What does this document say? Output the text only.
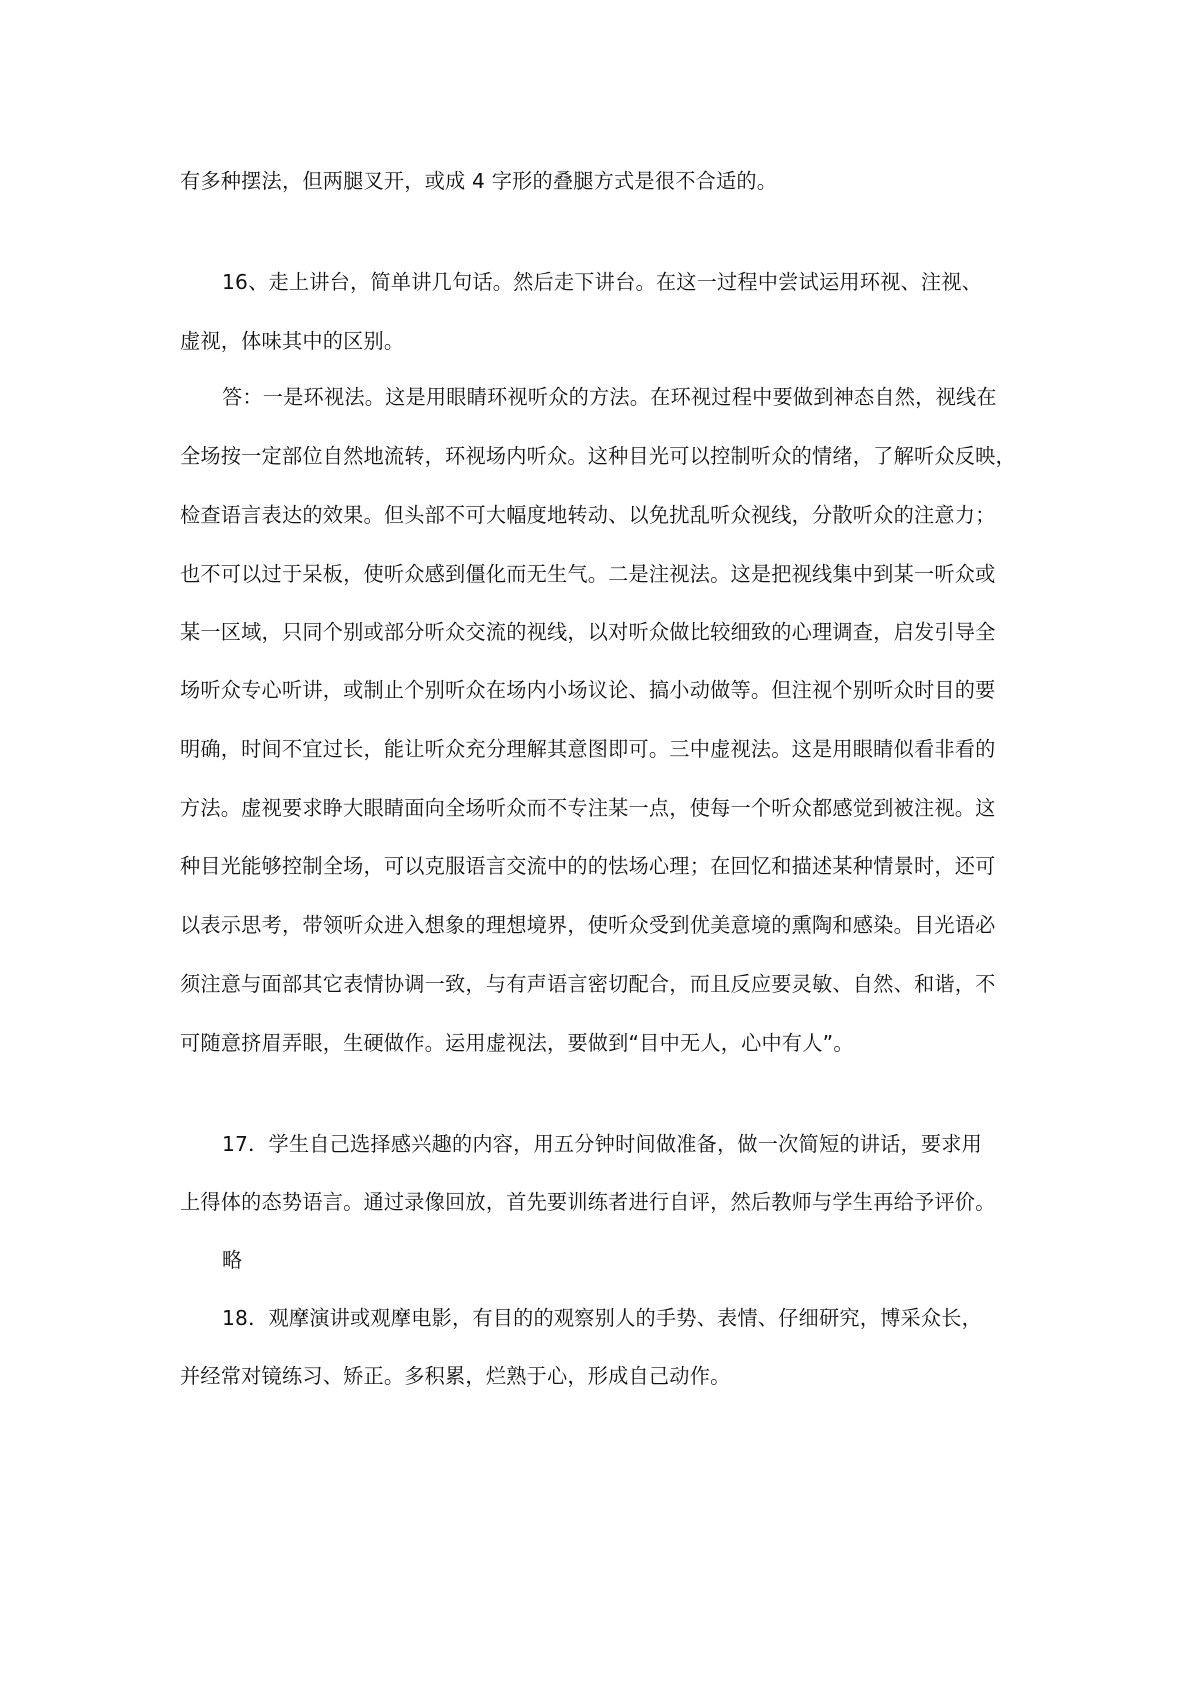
有多种摆法，但两腿叉开，或成 4 字形的叠腿方式是很不合适的。
16、走上讲台，简单讲几句话。然后走下讲台。在这一过程中尝试运用环视、注视、
虚视，体味其中的区别。
答：一是环视法。这是用眼睛环视听众的方法。在环视过程中要做到神态自然，视线在
全场按一定部位自然地流转，环视场内听众。这种目光可以控制听众的情绪，了解听众反映，
检查语言表达的效果。但头部不可大幅度地转动、以免扰乱听众视线，分散听众的注意力；
也不可以过于呆板，使听众感到僵化而无生气。二是注视法。这是把视线集中到某一听众或
某一区域，只同个别或部分听众交流的视线，以对听众做比较细致的心理调查，启发引导全
场听众专心听讲，或制止个别听众在场内小场议论、搞小动做等。但注视个别听众时目的要
明确，时间不宜过长，能让听众充分理解其意图即可。三中虚视法。这是用眼睛似看非看的
方法。虚视要求睁大眼睛面向全场听众而不专注某一点，使每一个听众都感觉到被注视。这
种目光能够控制全场，可以克服语言交流中的的怯场心理；在回忆和描述某种情景时，还可
以表示思考，带领听众进入想象的理想境界，使听众受到优美意境的熏陶和感染。目光语必
须注意与面部其它表情协调一致，与有声语言密切配合，而且反应要灵敏、自然、和谐，不
可随意挤眉弄眼，生硬做作。运用虚视法，要做到“目中无人，心中有人”。
17．学生自己选择感兴趣的内容，用五分钟时间做准备，做一次简短的讲话，要求用
上得体的态势语言。通过录像回放，首先要训练者进行自评，然后教师与学生再给予评价。
略
18．观摩演讲或观摩电影，有目的的观察别人的手势、表情、仔细研究，博采众长，
并经常对镜练习、矫正。多积累，烂熟于心，形成自己动作。
